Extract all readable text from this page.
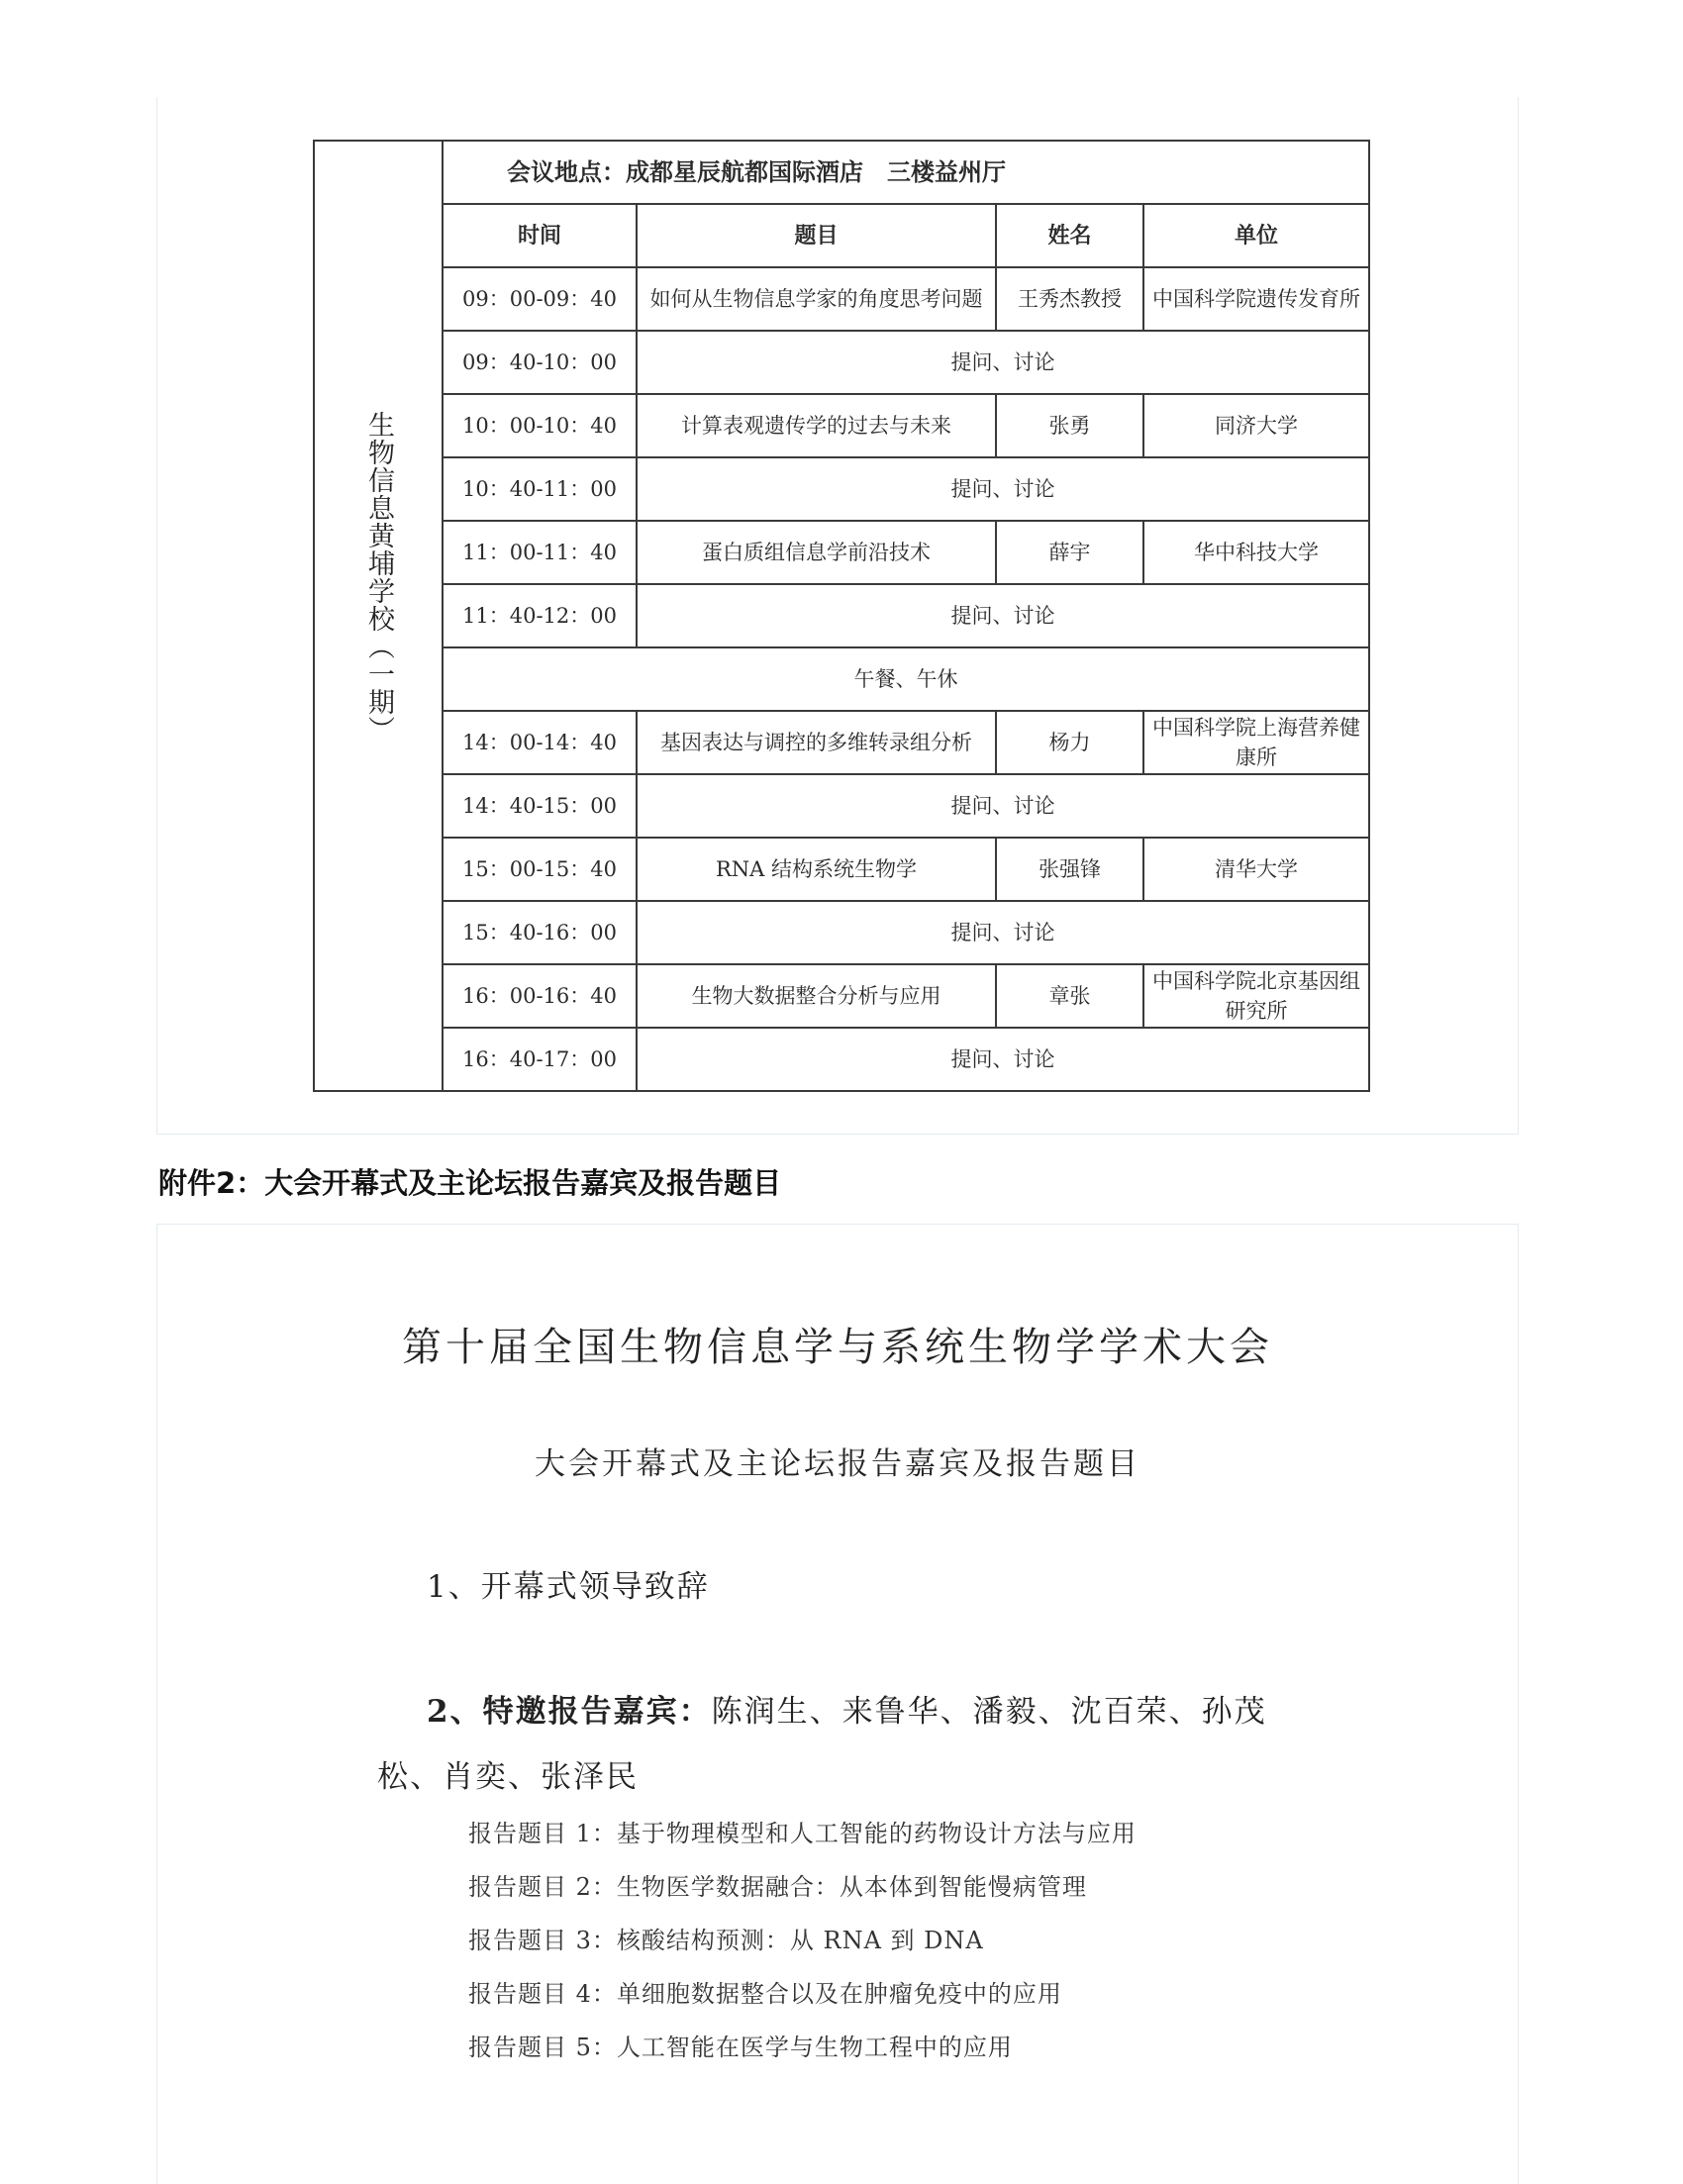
生物信息黄埔学校（一期）	会议地点：成都星辰航都国际酒店　三楼益州厅			
	时间	题目	姓名	单位
	09：00-09：40	如何从生物信息学家的角度思考问题	王秀杰教授	中国科学院遗传发育所
	09：40-10：00	提问、讨论		
	10：00-10：40	计算表观遗传学的过去与未来	张勇	同济大学
	10：40-11：00	提问、讨论		
	11：00-11：40	蛋白质组信息学前沿技术	薛宇	华中科技大学
	11：40-12：00	提问、讨论		
	午餐、午休			
	14：00-14：40	基因表达与调控的多维转录组分析	杨力	中国科学院上海营养健康所
	14：40-15：00	提问、讨论		
	15：00-15：40	RNA 结构系统生物学	张强锋	清华大学
	15：40-16：00	提问、讨论		
	16：00-16：40	生物大数据整合分析与应用	章张	中国科学院北京基因组研究所
	16：40-17：00	提问、讨论		
附件2：大会开幕式及主论坛报告嘉宾及报告题目
第十届全国生物信息学与系统生物学学术大会
大会开幕式及主论坛报告嘉宾及报告题目
1、开幕式领导致辞
2、特邀报告嘉宾：陈润生、来鲁华、潘毅、沈百荣、孙茂
松、肖奕、张泽民
报告题目 1：基于物理模型和人工智能的药物设计方法与应用
报告题目 2：生物医学数据融合：从本体到智能慢病管理
报告题目 3：核酸结构预测：从 RNA 到 DNA
报告题目 4：单细胞数据整合以及在肿瘤免疫中的应用
报告题目 5：人工智能在医学与生物工程中的应用
